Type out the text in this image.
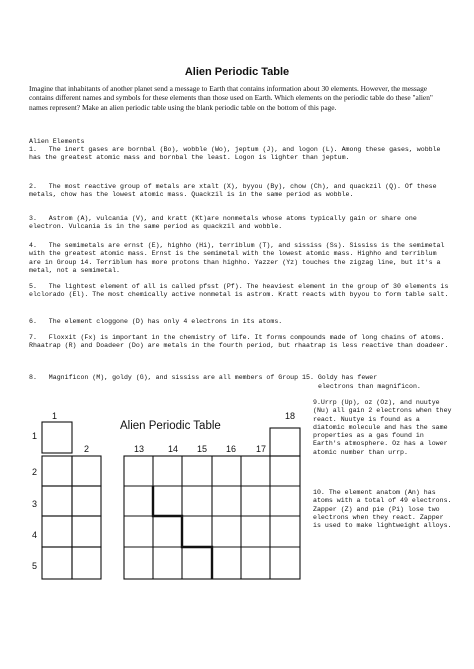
Alien Periodic Table
Imagine that inhabitants of another planet send a message to Earth that contains information about 30 elements. However, the message contains different names and symbols for these elements than those used on Earth. Which elements on the periodic table do these "alien" names represent? Make an alien periodic table using the blank periodic table on the bottom of this page.
Alien Elements
1.   The inert gases are bornbal (Bo), wobble (Wo), jeptum (J), and logon (L). Among these gases, wobble has the greatest atomic mass and bornbal the least. Logon is lighter than jeptum.
2.   The most reactive group of metals are xtalt (X), byyou (By), chow (Ch), and quackzil (Q). Of these metals, chow has the lowest atomic mass. Quackzil is in the same period as wobble.
3.   Astrom (A), vulcania (V), and kratt (Kt)are nonmetals whose atoms typically gain or share one electron. Vulcania is in the same period as quackzil and wobble.
4.   The semimetals are ernst (E), highho (Hi), terriblum (T), and sississ (Ss). Sississ is the semimetal with the greatest atomic mass. Ernst is the semimetal with the lowest atomic mass. Highho and terriblum are in Group 14. Terriblum has more protons than highho. Yazzer (Yz) touches the zigzag line, but it's a metal, not a semimetal.
5.   The lightest element of all is called pfsst (Pf). The heaviest element in the group of 30 elements is elclorado (El). The most chemically active nonmetal is astrom. Kratt reacts with byyou to form table salt.
6.   The element cloggone (D) has only 4 electrons in its atoms.
7.   Floxxit (Fx) is important in the chemistry of life. It forms compounds made of long chains of atoms. Rhaatrap (R) and Doadeer (Do) are metals in the fourth period, but rhaatrap is less reactive than doadeer.
8.   Magnificon (M), goldy (G), and sississ are all members of Group 15. Goldy has fewer
electrons than magnificon.
9.Urrp (Up), oz (Oz), and nuutye (Nu) all gain 2 electrons when they react. Nuutye is found as a diatomic molecule and has the same properties as a gas found in Earth's atmosphere. Oz has a lower atomic number than urrp.
10. The element anatom (An) has atoms with a total of 49 electrons. Zapper (Z) and pie (Pi) lose two electrons when they react. Zapper is used to make lightweight alloys.
Alien Periodic Table
1
2	13	14 15 16 17
18
1
2
3
4
5
